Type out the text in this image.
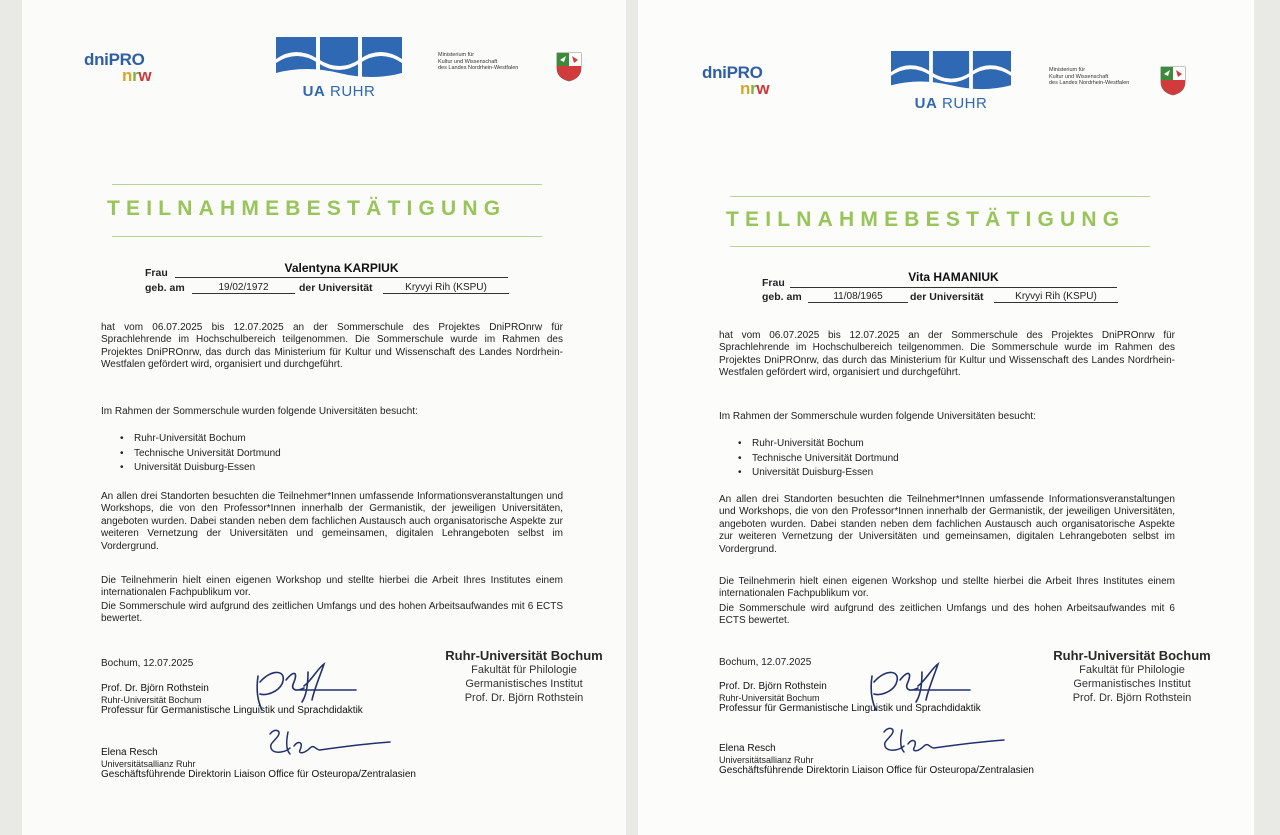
dniPRO
nrw
UA RUHR
Ministerium für
Kultur und Wissenschaft
des Landes Nordrhein-Westfalen
TEILNAHMEBESTÄTIGUNG
Frau	Valentyna KARPIUK
geb. am	19/02/1972	der Universität	Kryvyi Rih (KSPU)
hat vom 06.07.2025 bis 12.07.2025 an der Sommerschule des Projektes DniPROnrw für Sprachlehrende im Hochschulbereich teilgenommen. Die Sommerschule wurde im Rahmen des Projektes DniPROnrw, das durch das Ministerium für Kultur und Wissenschaft des Landes Nordrhein-Westfalen gefördert wird, organisiert und durchgeführt.
Im Rahmen der Sommerschule wurden folgende Universitäten besucht:
• Ruhr-Universität Bochum
• Technische Universität Dortmund
• Universität Duisburg-Essen
An allen drei Standorten besuchten die Teilnehmer*Innen umfassende Informationsveranstaltungen und Workshops, die von den Professor*Innen innerhalb der Germanistik, der jeweiligen Universitäten, angeboten wurden. Dabei standen neben dem fachlichen Austausch auch organisatorische Aspekte zur weiteren Vernetzung der Universitäten und gemeinsamen, digitalen Lehrangeboten selbst im Vordergrund.
Die Teilnehmerin hielt einen eigenen Workshop und stellte hierbei die Arbeit Ihres Institutes einem internationalen Fachpublikum vor.
Die Sommerschule wird aufgrund des zeitlichen Umfangs und des hohen Arbeitsaufwandes mit 6 ECTS bewertet.
Bochum, 12.07.2025
Ruhr-Universität Bochum
Fakultät für Philologie
Germanistisches Institut
Prof. Dr. Björn Rothstein
Prof. Dr. Björn Rothstein
Ruhr-Universität Bochum
Professur für Germanistische Linguistik und Sprachdidaktik
Elena Resch
Universitätsallianz Ruhr
Geschäftsführende Direktorin Liaison Office für Osteuropa/Zentralasien
dniPRO
nrw
UA RUHR
Ministerium für
Kultur und Wissenschaft
des Landes Nordrhein-Westfalen
TEILNAHMEBESTÄTIGUNG
Frau	Vita HAMANIUK
geb. am	11/08/1965	der Universität	Kryvyi Rih (KSPU)
hat vom 06.07.2025 bis 12.07.2025 an der Sommerschule des Projektes DniPROnrw für Sprachlehrende im Hochschulbereich teilgenommen. Die Sommerschule wurde im Rahmen des Projektes DniPROnrw, das durch das Ministerium für Kultur und Wissenschaft des Landes Nordrhein-Westfalen gefördert wird, organisiert und durchgeführt.
Im Rahmen der Sommerschule wurden folgende Universitäten besucht:
• Ruhr-Universität Bochum
• Technische Universität Dortmund
• Universität Duisburg-Essen
An allen drei Standorten besuchten die Teilnehmer*Innen umfassende Informationsveranstaltungen und Workshops, die von den Professor*Innen innerhalb der Germanistik, der jeweiligen Universitäten, angeboten wurden. Dabei standen neben dem fachlichen Austausch auch organisatorische Aspekte zur weiteren Vernetzung der Universitäten und gemeinsamen, digitalen Lehrangeboten selbst im Vordergrund.
Die Teilnehmerin hielt einen eigenen Workshop und stellte hierbei die Arbeit Ihres Institutes einem internationalen Fachpublikum vor.
Die Sommerschule wird aufgrund des zeitlichen Umfangs und des hohen Arbeitsaufwandes mit 6 ECTS bewertet.
Bochum, 12.07.2025	Ruhr-Universität Bochum
Fakultät für Philologie
Germanistisches Institut
Prof. Dr. Björn Rothstein
Prof. Dr. Björn Rothstein
Ruhr-Universität Bochum
Professur für Germanistische Linguistik und Sprachdidaktik
Elena Resch
Universitätsallianz Ruhr
Geschäftsführende Direktorin Liaison Office für Osteuropa/Zentralasien
